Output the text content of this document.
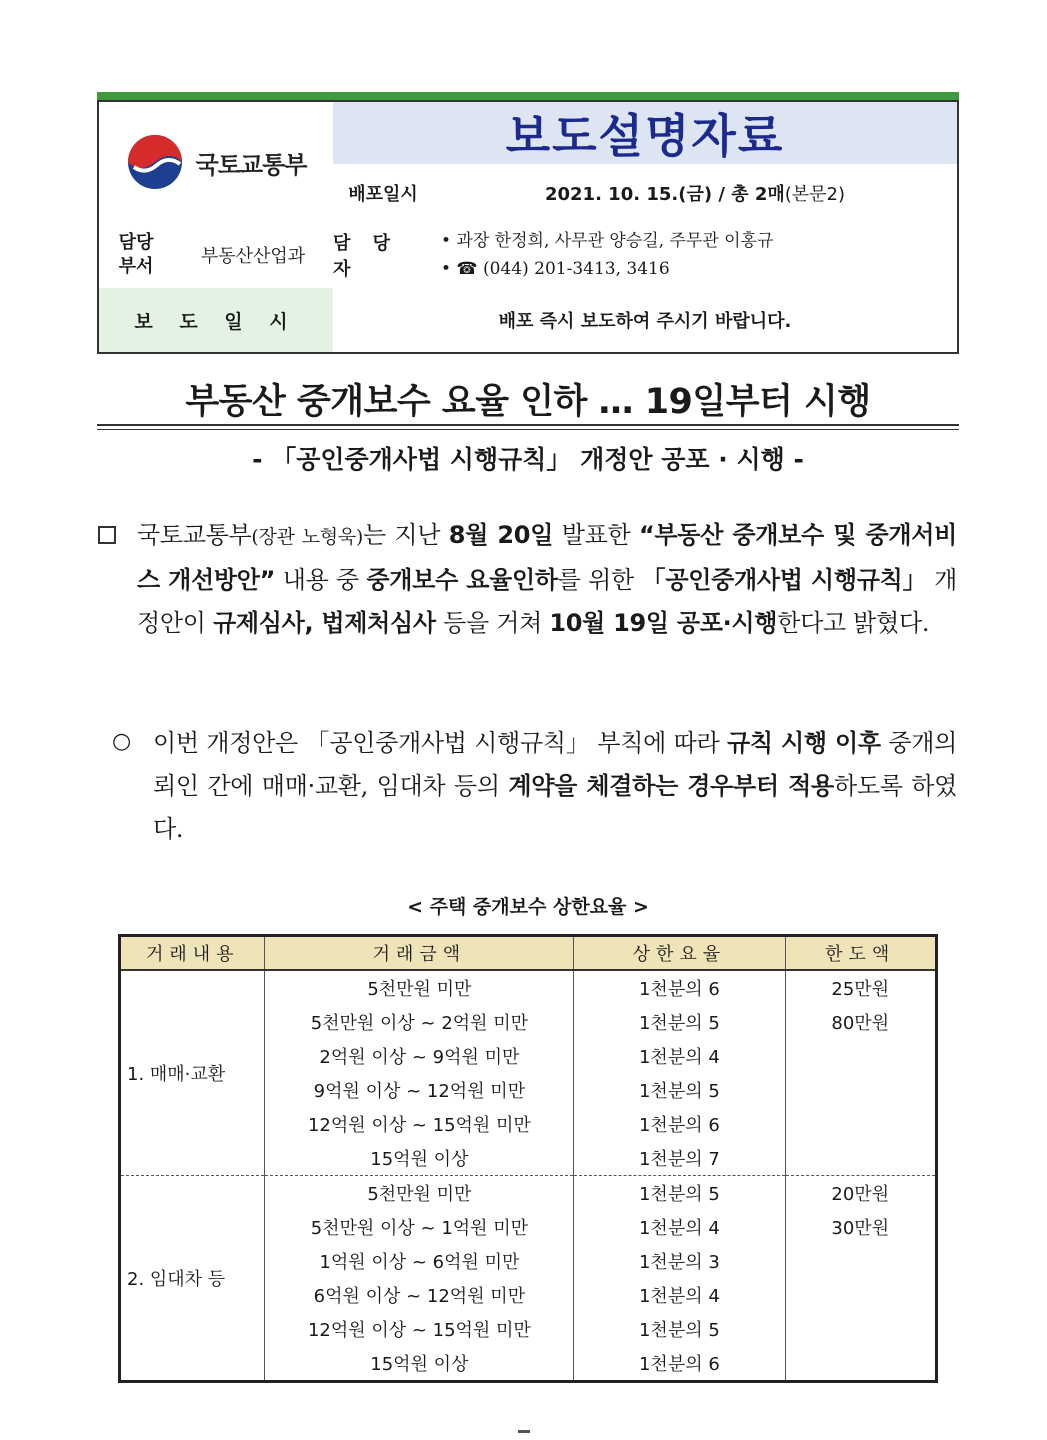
국토교통부
보도설명자료
배포일시	2021. 10. 15.(금) / 총 2매 (본문2)
담당
부서	부동산산업과
담 당 자
• 과장 한정희, 사무관 양승길, 주무관 이홍규
• ☎ (044) 201-3413, 3416
보 도 일 시	배포 즉시 보도하여 주시기 바랍니다.
부동산 중개보수 요율 인하 … 19일부터 시행
- 「공인중개사법 시행규칙」 개정안 공포 · 시행 -
국토교통부(장관 노형욱)는 지난 8월 20일 발표한 “부동산 중개보수 및 중개서비스 개선방안” 내용 중 중개보수 요율인하를 위한 「공인중개사법 시행규칙」 개정안이 규제심사, 법제처심사 등을 거쳐 10월 19일 공포·시행한다고 밝혔다.
○ 이번 개정안은 「공인중개사법 시행규칙」 부칙에 따라 규칙 시행 이후 중개의뢰인 간에 매매·교환, 임대차 등의 계약을 체결하는 경우부터 적용하도록 하였다.
< 주택 중개보수 상한요율 >
거래내용	거래금액	상한요율	한도액
1. 매매·교환	5천만원 미만	1천분의 6	25만원
	5천만원 이상 ~ 2억원 미만	1천분의 5	80만원
	2억원 이상 ~ 9억원 미만	1천분의 4	
	9억원 이상 ~ 12억원 미만	1천분의 5	
	12억원 이상 ~ 15억원 미만	1천분의 6	
	15억원 이상	1천분의 7	
2. 임대차 등	5천만원 미만	1천분의 5	20만원
	5천만원 이상 ~ 1억원 미만	1천분의 4	30만원
	1억원 이상 ~ 6억원 미만	1천분의 3	
	6억원 이상 ~ 12억원 미만	1천분의 4	
	12억원 이상 ~ 15억원 미만	1천분의 5	
	15억원 이상	1천분의 6	
